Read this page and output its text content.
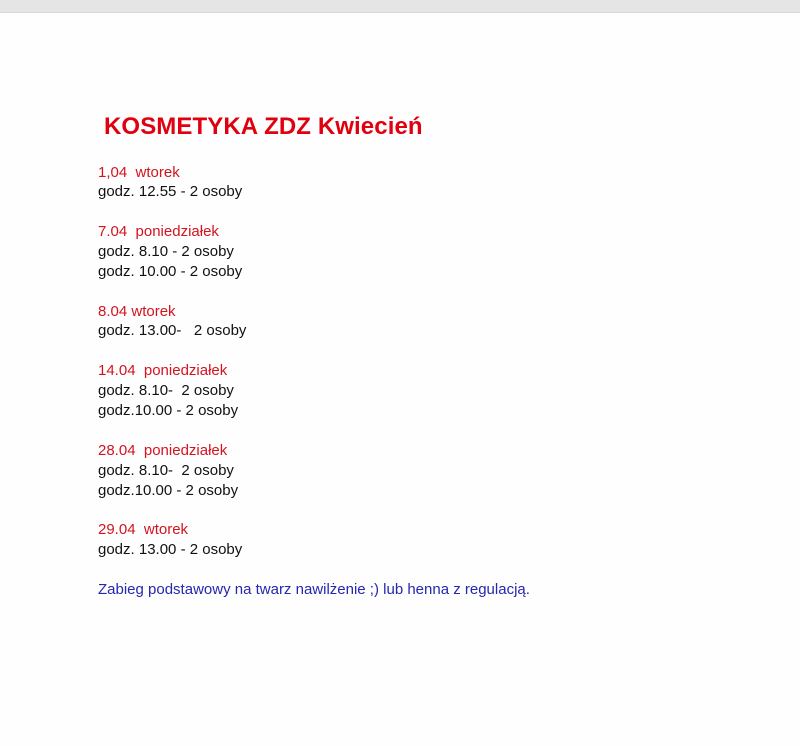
KOSMETYKA ZDZ Kwiecień
1,04  wtorek
godz. 12.55 - 2 osoby
7.04  poniedziałek
godz. 8.10 - 2 osoby
godz. 10.00 - 2 osoby
8.04 wtorek
godz. 13.00-   2 osoby
14.04  poniedziałek
godz. 8.10-  2 osoby
godz.10.00 - 2 osoby
28.04  poniedziałek
godz. 8.10-  2 osoby
godz.10.00 - 2 osoby
29.04  wtorek
godz. 13.00 - 2 osoby
Zabieg podstawowy na twarz nawilżenie ;) lub henna z regulacją.
